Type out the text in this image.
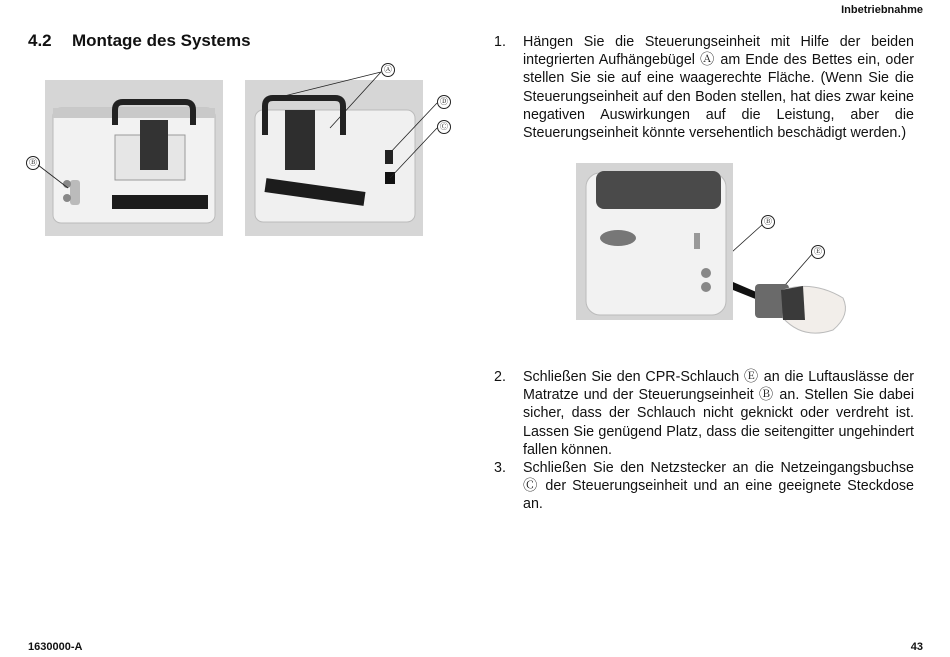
Inbetriebnahme
4.2 Montage des Systems
Ⓑ
Ⓐ
Ⓓ
Ⓒ
Ⓑ
Ⓔ
1.	Hängen Sie die Steuerungseinheit mit Hilfe der beiden integrierten Aufhängebügel Ⓐ am Ende des Bettes ein, oder stellen Sie sie auf eine waagerechte Fläche. (Wenn Sie die Steuerungseinheit auf den Boden stellen, hat dies zwar keine negativen Auswirkungen auf die Leistung, aber die Steuerungseinheit könnte versehentlich beschädigt werden.)
2.	Schließen Sie den CPR-Schlauch Ⓔ an die Luftauslässe der Matratze und der Steuerungseinheit Ⓑ an. Stellen Sie dabei sicher, dass der Schlauch nicht geknickt oder verdreht ist. Lassen Sie genügend Platz, dass die seitengitter ungehindert fallen können.
3.	Schließen Sie den Netzstecker an die Netzeingangsbuchse Ⓒ der Steuerungseinheit und an eine geeignete Steckdose an.
1630000-A	43
